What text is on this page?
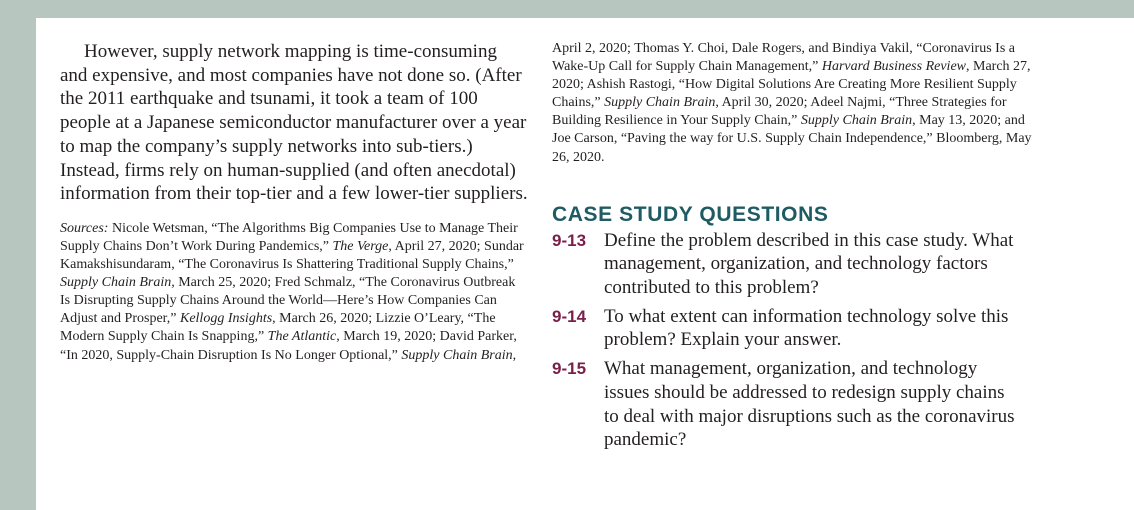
However, supply network mapping is time-consuming and expensive, and most companies have not done so. (After the 2011 earthquake and tsunami, it took a team of 100 people at a Japanese semiconductor manufacturer over a year to map the company’s supply networks into sub-tiers.) Instead, firms rely on human-supplied (and often anecdotal) information from their top-tier and a few lower-tier suppliers.

Sources: Nicole Wetsman, “The Algorithms Big Companies Use to Manage Their Supply Chains Don’t Work During Pandemics,” The Verge, April 27, 2020; Sundar Kamakshisundaram, “The Coronavirus Is Shattering Traditional Supply Chains,” Supply Chain Brain, March 25, 2020; Fred Schmalz, “The Coronavirus Outbreak Is Disrupting Supply Chains Around the World—Here’s How Companies Can Adjust and Prosper,” Kellogg Insights, March 26, 2020; Lizzie O’Leary, “The Modern Supply Chain Is Snapping,” The Atlantic, March 19, 2020; David Parker, “In 2020, Supply-Chain Disruption Is No Longer Optional,” Supply Chain Brain,

April 2, 2020; Thomas Y. Choi, Dale Rogers, and Bindiya Vakil, “Coronavirus Is a Wake-Up Call for Supply Chain Management,” Harvard Business Review, March 27, 2020; Ashish Rastogi, “How Digital Solutions Are Creating More Resilient Supply Chains,” Supply Chain Brain, April 30, 2020; Adeel Najmi, “Three Strategies for Building Resilience in Your Supply Chain,” Supply Chain Brain, May 13, 2020; and Joe Carson, “Paving the way for U.S. Supply Chain Independence,” Bloomberg, May 26, 2020.

CASE STUDY QUESTIONS
9-13 Define the problem described in this case study. What management, organization, and technology factors contributed to this problem?
9-14 To what extent can information technology solve this problem? Explain your answer.
9-15 What management, organization, and technology issues should be addressed to redesign supply chains to deal with major disruptions such as the coronavirus pandemic?
